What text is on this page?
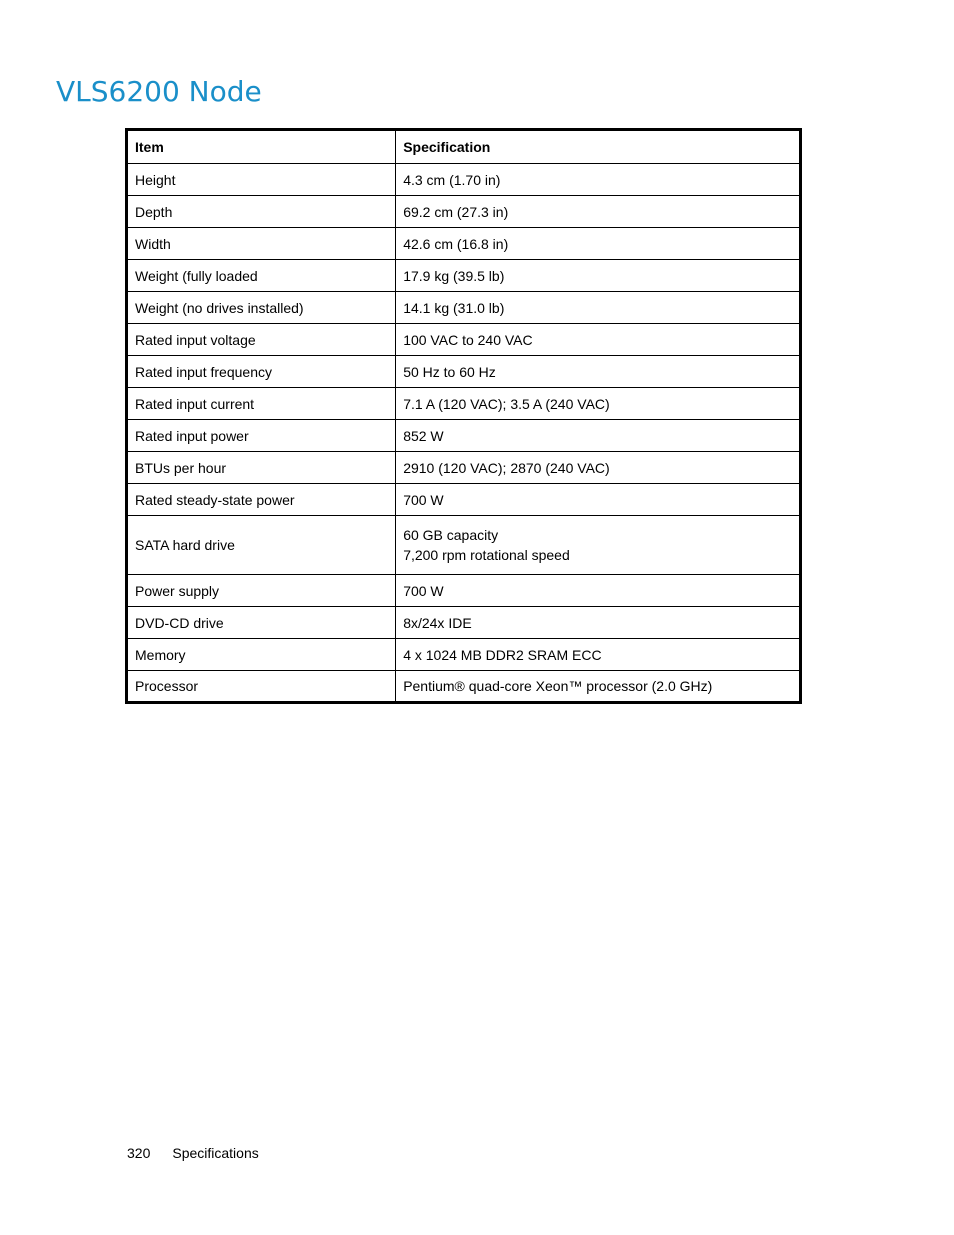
VLS6200 Node
Item	Specification
Height	4.3 cm (1.70 in)

Depth	69.2 cm (27.3 in)

Width	42.6 cm (16.8 in)

Weight (fully loaded	17.9 kg (39.5 lb)

Weight (no drives installed)	14.1 kg (31.0 lb)

Rated input voltage	100 VAC to 240 VAC

Rated input frequency	50 Hz to 60 Hz

Rated input current	7.1 A (120 VAC); 3.5 A (240 VAC)

Rated input power	852 W

BTUs per hour	2910 (120 VAC); 2870 (240 VAC)

Rated steady-state power	700 W

SATA hard drive	60 GB capacity
7,200 rpm rotational speed

Power supply	700 W

DVD-CD drive	8x/24x IDE

Memory	4 x 1024 MB DDR2 SRAM ECC

Processor	Pentium® quad-core Xeon™ processor (2.0 GHz)
320 Specifications
